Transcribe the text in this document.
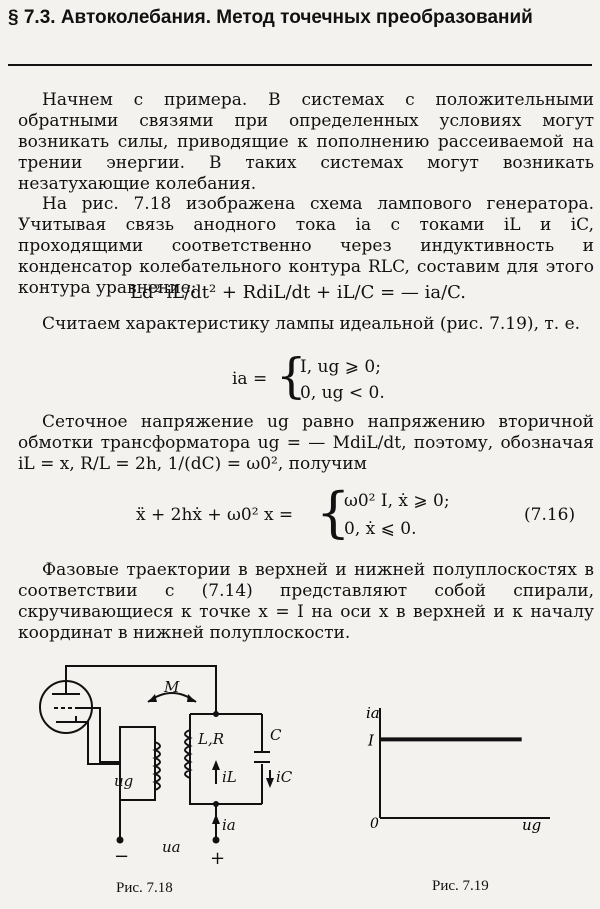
§ 7.3. Автоколебания. Метод точечных преобразований
Начнем с примера. В системах с положительными обратными связями при определенных условиях могут возникать силы, приводящие к пополнению рассеиваемой на трении энергии. В таких системах могут возникать незатухающие колебания.
На рис. 7.18 изображена схема лампового генератора. Учитывая связь анодного тока iа с токами iL и iC, проходящими соответственно через индуктивность и конденсатор колебательного контура RLC, составим для этого контура уравнение:
Ld² iL/dt² + RdiL/dt + iL/C = — iа/C.
Считаем характеристику лампы идеальной (рис. 7.19), т. е.
iа = {
I, ug ⩾ 0;
0, ug < 0.
Сеточное напряжение ug равно напряжению вторичной обмотки трансформатора ug = — MdiL/dt, поэтому, обозначая iL = x, R/L = 2h, 1/(dC) = ω0², получим
ẍ + 2hẋ + ω0² x = {
ω0² I, ẋ ⩾ 0;
0, ẋ ⩽ 0.
(7.16)
Фазовые траектории в верхней и нижней полуплоскостях в соответствии с (7.14) представляют собой спирали, скручивающиеся к точке x = I на оси x в верхней и к началу координат в нижней полуплоскости.
M
ug
L,R	C
iL	iC
ia
ua
−	+
Рис. 7.18
ia
I
0	ug
Рис. 7.19
